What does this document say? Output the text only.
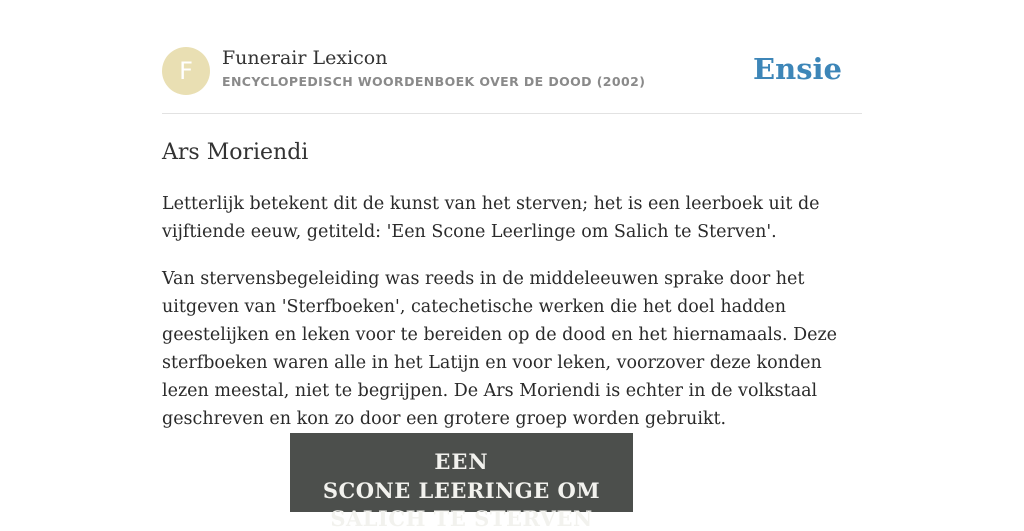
F	Funerair Lexicon
ENCYCLOPEDISCH WOORDENBOEK OVER DE DOOD (2002)	Ensie
Ars Moriendi

Letterlijk betekent dit de kunst van het sterven; het is een leerboek uit de vijftiende eeuw, getiteld: 'Een Scone Leerlinge om Salich te Sterven'.

Van stervensbegeleiding was reeds in de middeleeuwen sprake door het uitgeven van 'Sterfboeken', catechetische werken die het doel hadden geestelijken en leken voor te bereiden op de dood en het hiernamaals. Deze sterfboeken waren alle in het Latijn en voor leken, voorzover deze konden lezen meestal, niet te begrijpen. De Ars Moriendi is echter in de volkstaal geschreven en kon zo door een grotere groep worden gebruikt.

EEN
SCONE LEERINGE OM
SALICH TE STERVEN
